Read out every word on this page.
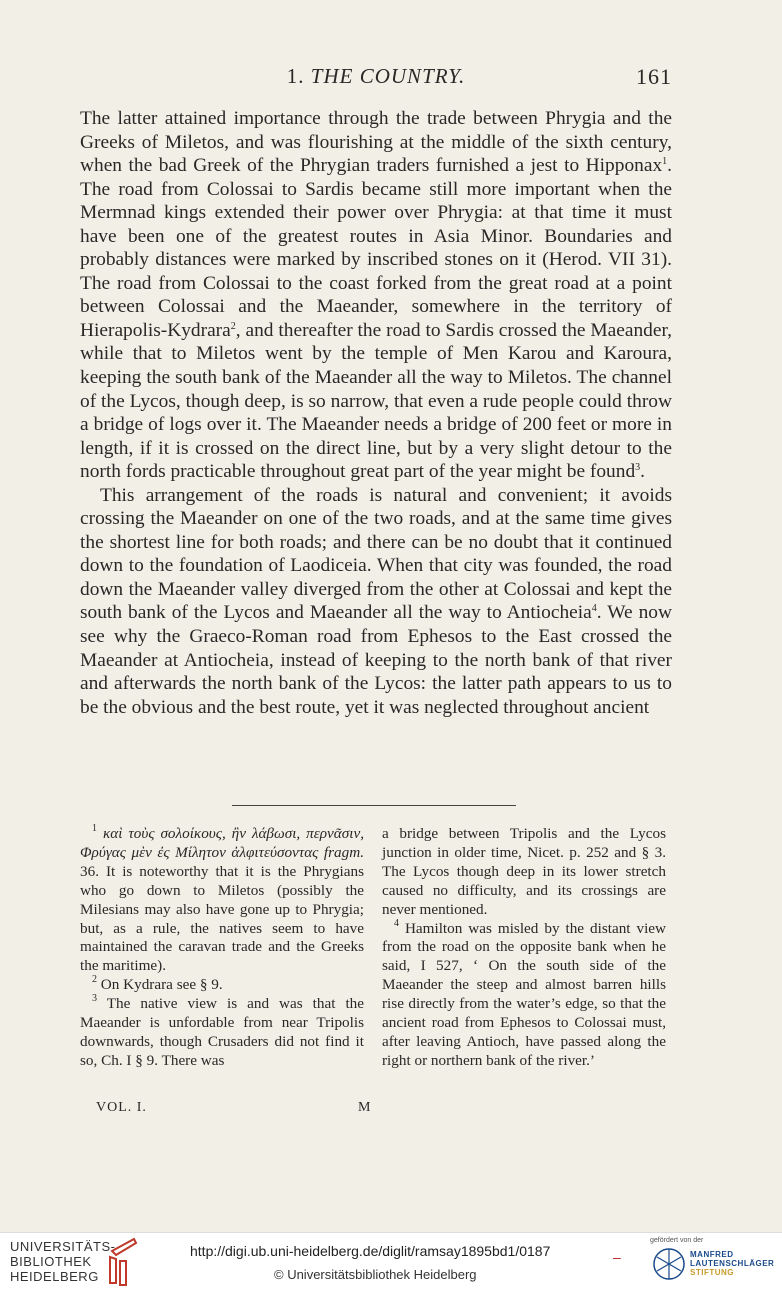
1. THE COUNTRY.	161

The latter attained importance through the trade between Phrygia and the Greeks of Miletos, and was flourishing at the middle of the sixth century, when the bad Greek of the Phrygian traders furnished a jest to Hipponax$^1$. The road from Colossai to Sardis became still more important when the Mermnad kings extended their power over Phrygia: at that time it must have been one of the greatest routes in Asia Minor. Boundaries and probably distances were marked by inscribed stones on it (Herod. VII 31). The road from Colossai to the coast forked from the great road at a point between Colossai and the Maeander, somewhere in the territory of Hierapolis-Kydrara$^2$, and thereafter the road to Sardis crossed the Maeander, while that to Miletos went by the temple of Men Karou and Karoura, keeping the south bank of the Maeander all the way to Miletos. The channel of the Lycos, though deep, is so narrow, that even a rude people could throw a bridge of logs over it. The Maeander needs a bridge of 200 feet or more in length, if it is crossed on the direct line, but by a very slight detour to the north fords practicable throughout great part of the year might be found$^3$.

This arrangement of the roads is natural and convenient; it avoids crossing the Maeander on one of the two roads, and at the same time gives the shortest line for both roads; and there can be no doubt that it continued down to the foundation of Laodiceia. When that city was founded, the road down the Maeander valley diverged from the other at Colossai and kept the south bank of the Lycos and Maeander all the way to Antiocheia$^4$. We now see why the Graeco-Roman road from Ephesos to the East crossed the Maeander at Antiocheia, instead of keeping to the north bank of that river and afterwards the north bank of the Lycos: the latter path appears to us to be the obvious and the best route, yet it was neglected throughout ancient

$^1$ καὶ τοὺς σολοίκους, ἢν λάβωσι, περνᾶσιν, Φρύγας μὲν ἐς Μίλητον ἀλφιτεύσοντας fragm. 36. It is noteworthy that it is the Phrygians who go down to Miletos (possibly the Milesians may also have gone up to Phrygia; but, as a rule, the natives seem to have maintained the caravan trade and the Greeks the maritime).

$^2$ On Kydrara see § 9.

$^3$ The native view is and was that the Maeander is unfordable from near Tripolis downwards, though Crusaders did not find it so, Ch. I § 9. There was

a bridge between Tripolis and the Lycos junction in older time, Nicet. p. 252 and § 3. The Lycos though deep in its lower stretch caused no difficulty, and its crossings are never mentioned.

$^4$ Hamilton was misled by the distant view from the road on the opposite bank when he said, I 527, ‘ On the south side of the Maeander the steep and almost barren hills rise directly from the water’s edge, so that the ancient road from Ephesos to Colossai must, after leaving Antioch, have passed along the right or northern bank of the river.’

VOL. I.	M
UNIVERSITÄTS-
BIBLIOTHEK
HEIDELBERG
http://digi.ub.uni-heidelberg.de/diglit/ramsay1895bd1/0187
© Universitätsbibliothek Heidelberg
–
gefördert von der
MANFRED
LAUTENSCHLÄGER
STIFTUNG
